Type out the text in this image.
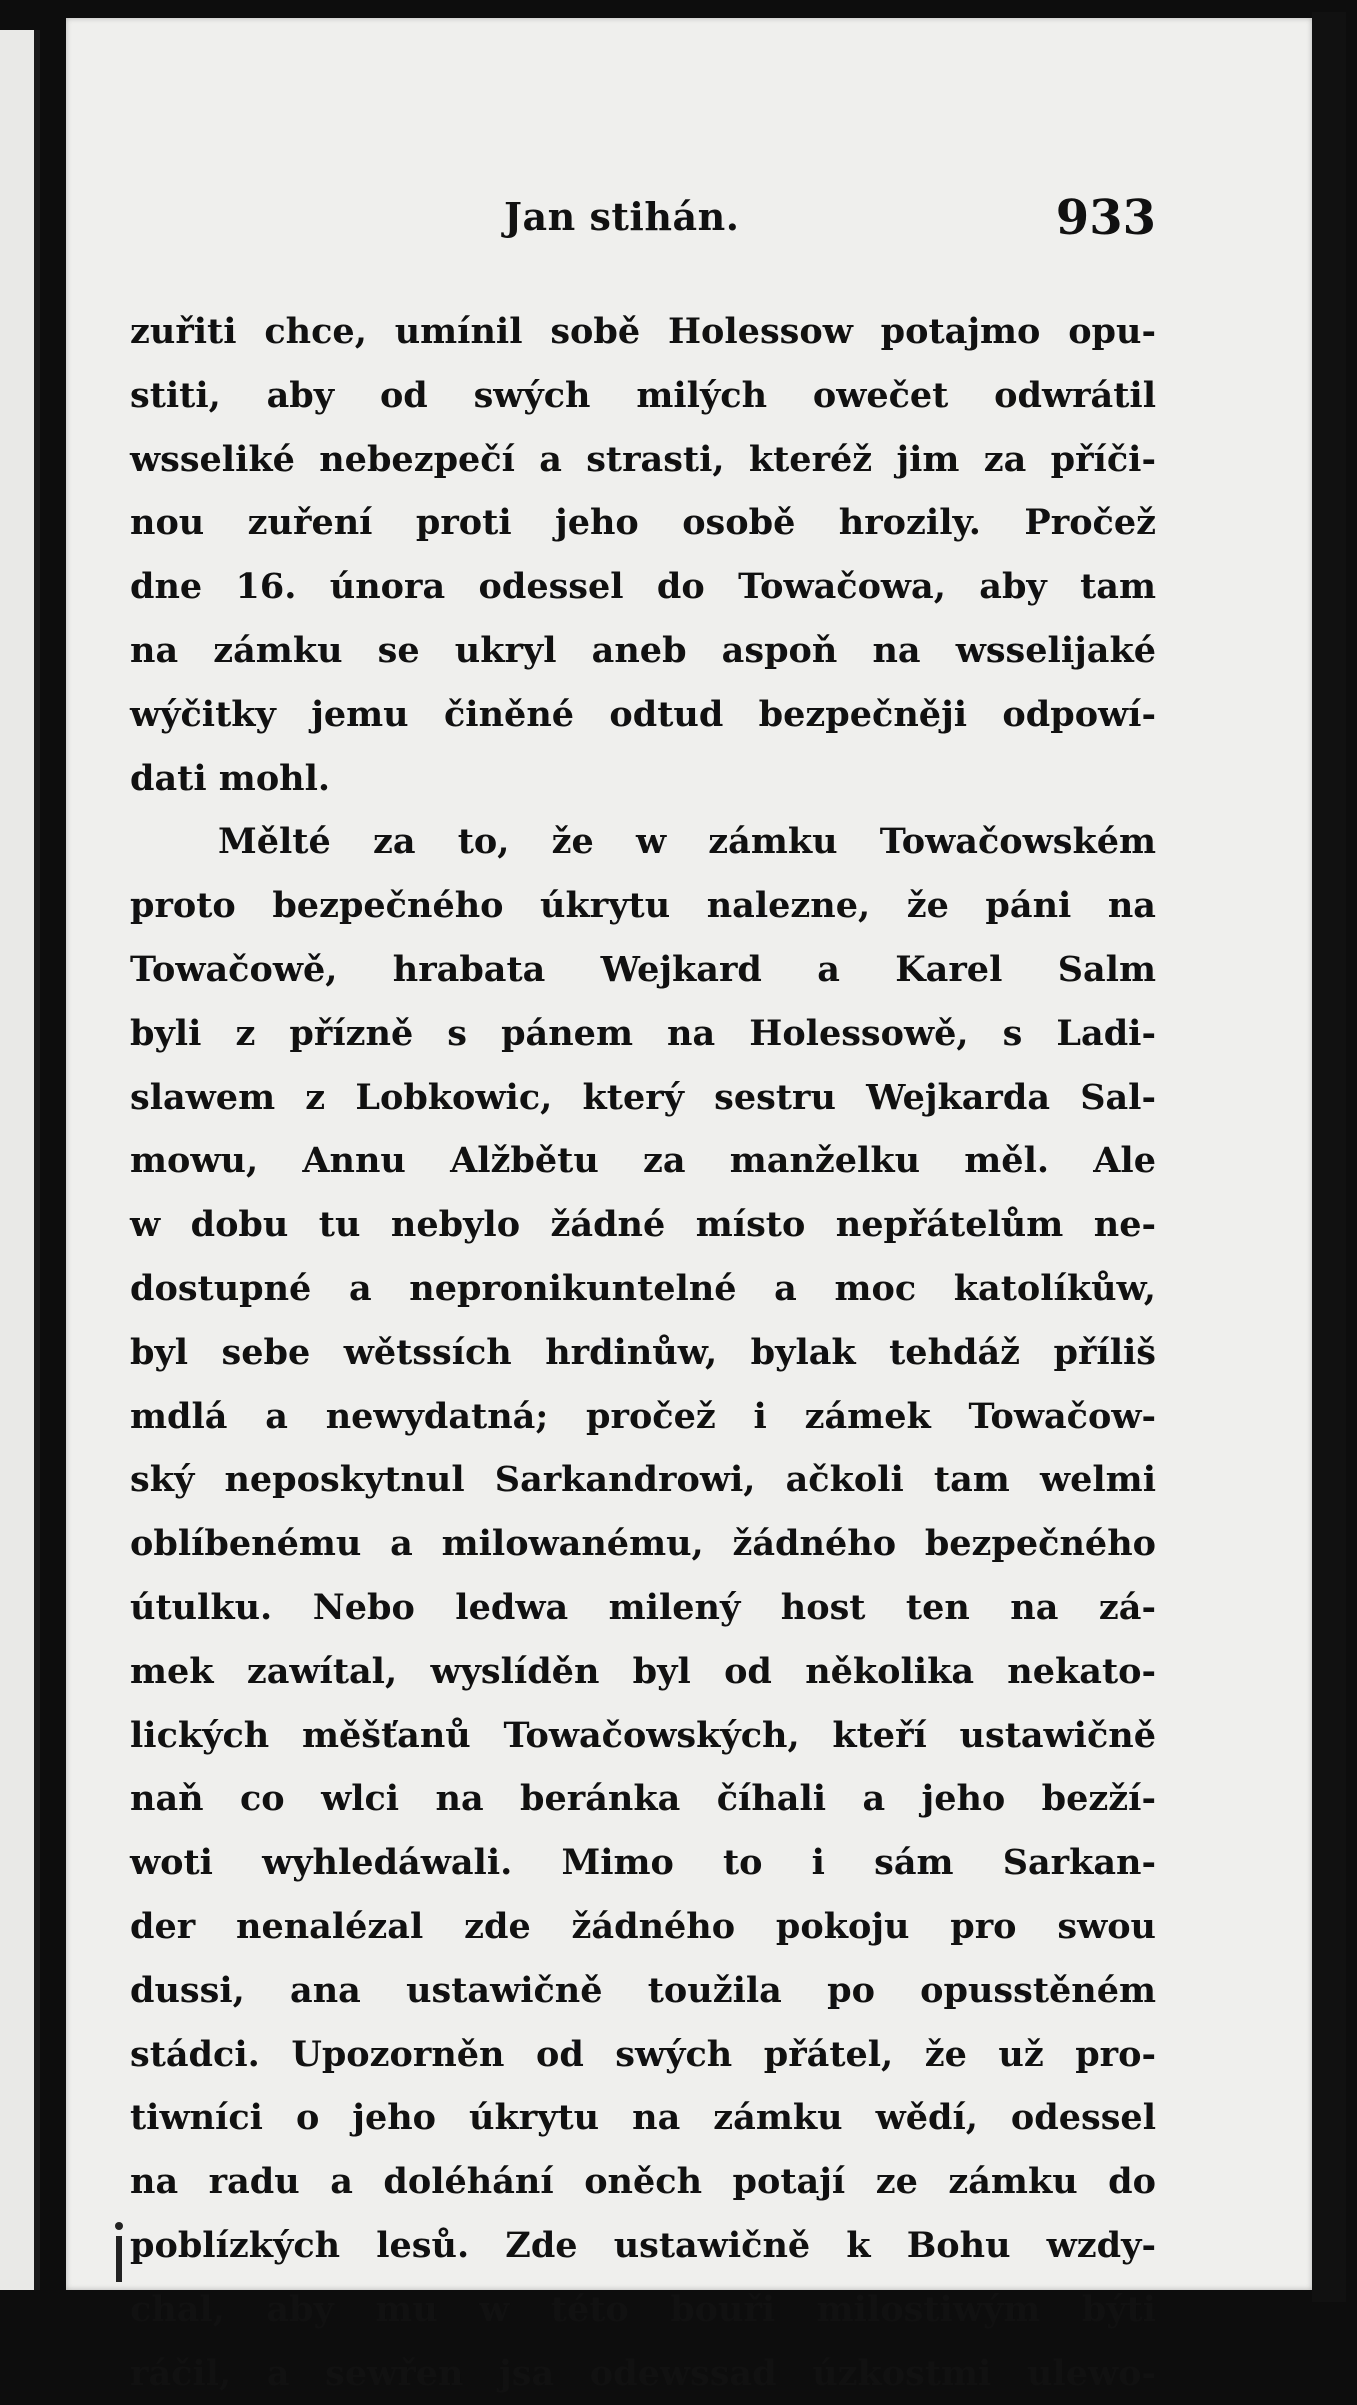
Jan stihán.	933
zuřiti chce, umínil sobě Holessow potajmo opu-
stiti, aby od swých milých owečet odwrátil
wsseliké nebezpečí a strasti, kteréž jim za příči-
nou zuření proti jeho osobě hrozily. Pročež
dne 16. února odessel do Towačowa, aby tam
na zámku se ukryl aneb aspoň na wsselijaké
wýčitky jemu činěné odtud bezpečněji odpowí-
dati mohl.
Mělté za to, že w zámku Towačowském
proto bezpečného úkrytu nalezne, že páni na
Towačowě, hrabata Wejkard a Karel Salm
byli z přízně s pánem na Holessowě, s Ladi-
slawem z Lobkowic, který sestru Wejkarda Sal-
mowu, Annu Alžbětu za manželku měl. Ale
w dobu tu nebylo žádné místo nepřátelům ne-
dostupné a nepronikuntelné a moc katolíkůw,
byl sebe wětssích hrdinůw, bylak tehdáž příliš
mdlá a newydatná; pročež i zámek Towačow-
ský neposkytnul Sarkandrowi, ačkoli tam welmi
oblíbenému a milowanému, žádného bezpečného
útulku. Nebo ledwa milený host ten na zá-
mek zawítal, wyslíděn byl od několika nekato-
lických měšťanů Towačowských, kteří ustawičně
naň co wlci na beránka číhali a jeho bezží-
woti wyhledáwali. Mimo to i sám Sarkan-
der nenalézal zde žádného pokoju pro swou
dussi, ana ustawičně toužila po opusstěném
stádci. Upozorněn od swých přátel, že už pro-
tiwníci o jeho úkrytu na zámku wědí, odessel
na radu a doléhání oněch potají ze zámku do
poblízkých lesů. Zde ustawičně k Bohu wzdy-
chal, aby mu w této bouři milostiwým býti
ráčil, a sewřen jsa odewssad úzkostmi ulewo-
